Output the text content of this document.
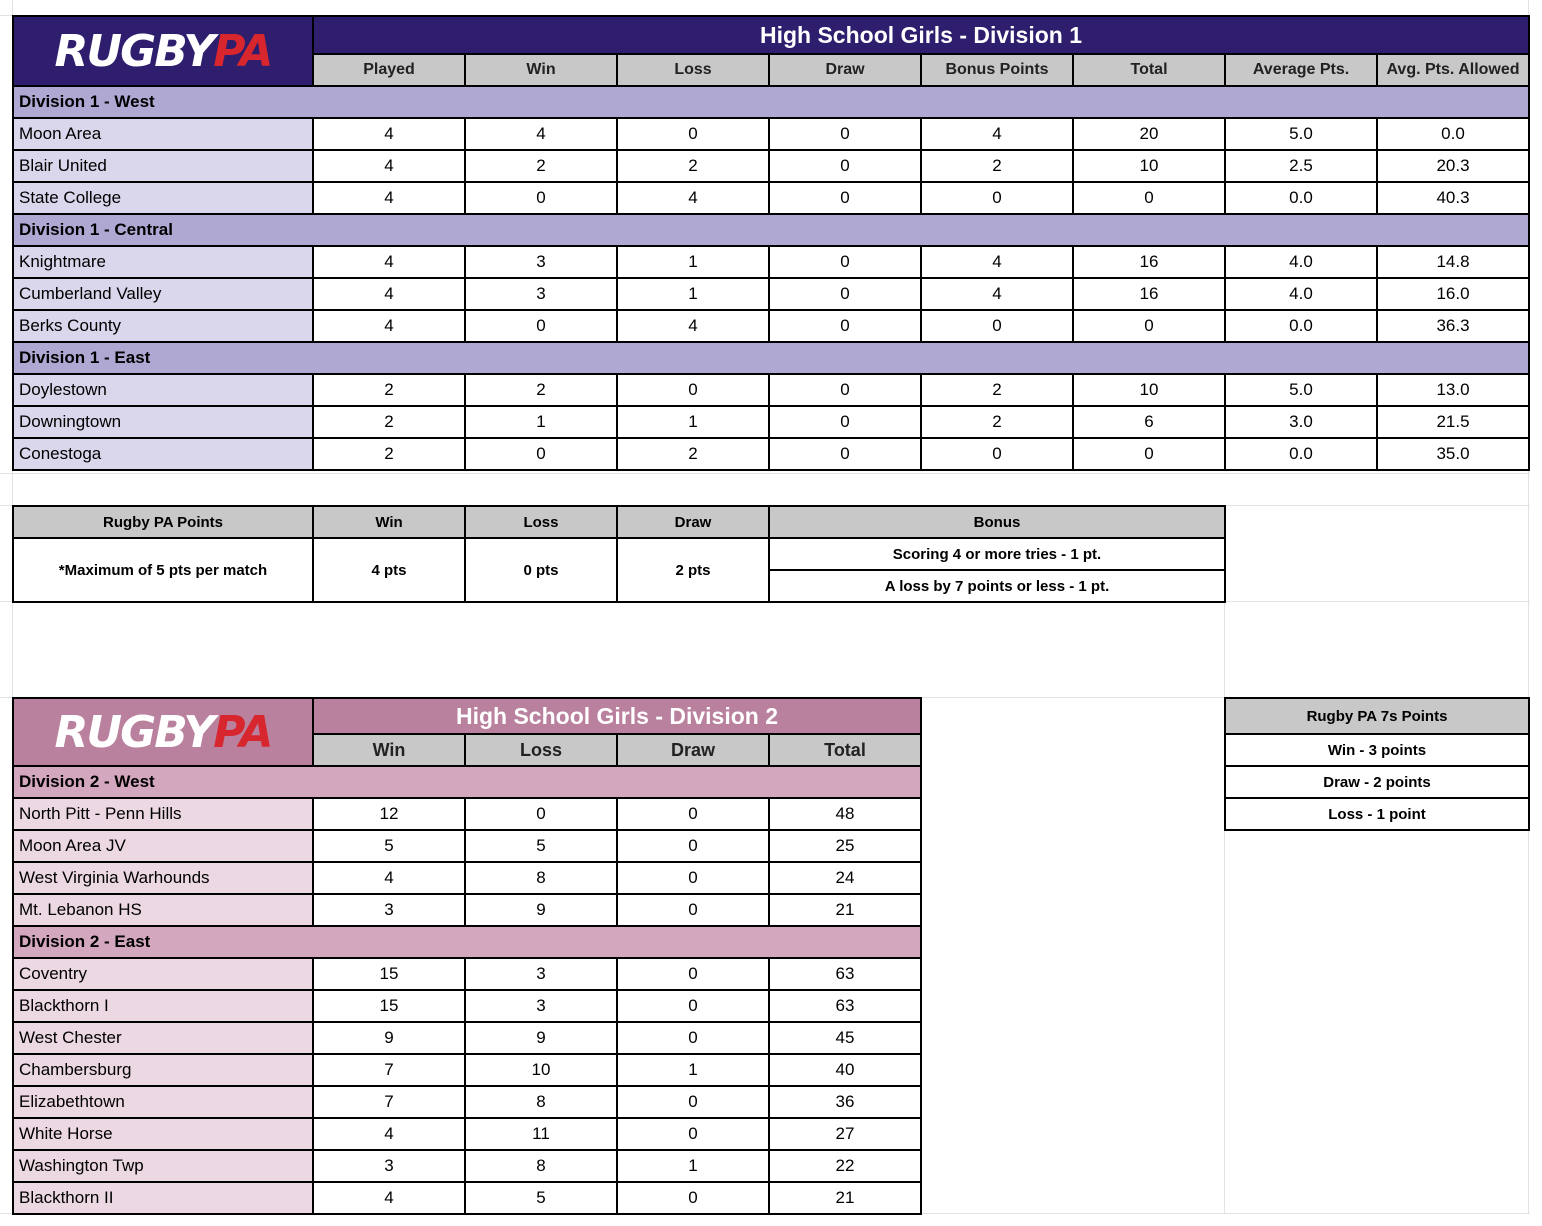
RUGBY PA	High School Girls - Division 1							
	Played	Win	Loss	Draw	Bonus Points	Total	Average Pts.	Avg. Pts. Allowed
Division 1 - West								
Moon Area	4	4	0	0	4	20	5.0	0.0
Blair United	4	2	2	0	2	10	2.5	20.3
State College	4	0	4	0	0	0	0.0	40.3
Division 1 - Central								
Knightmare	4	3	1	0	4	16	4.0	14.8
Cumberland Valley	4	3	1	0	4	16	4.0	16.0
Berks County	4	0	4	0	0	0	0.0	36.3
Division 1 - East								
Doylestown	2	2	0	0	2	10	5.0	13.0
Downingtown	2	1	1	0	2	6	3.0	21.5
Conestoga	2	0	2	0	0	0	0.0	35.0
Rugby PA Points	Win	Loss	Draw	Bonus
*Maximum of 5 pts per match	4 pts	0 pts	2 pts	Scoring 4 or more tries - 1 pt.
				A loss by 7 points or less - 1 pt.
RUGBY PA	High School Girls - Division 2			
	Win	Loss	Draw	Total
Division 2 - West				
North Pitt - Penn Hills	12	0	0	48
Moon Area JV	5	5	0	25
West Virginia Warhounds	4	8	0	24
Mt. Lebanon HS	3	9	0	21
Division 2 - East				
Coventry	15	3	0	63
Blackthorn I	15	3	0	63
West Chester	9	9	0	45
Chambersburg	7	10	1	40
Elizabethtown	7	8	0	36
White Horse	4	11	0	27
Washington Twp	3	8	1	22
Blackthorn II	4	5	0	21
Rugby PA 7s Points
Win - 3 points
Draw - 2 points
Loss - 1 point
